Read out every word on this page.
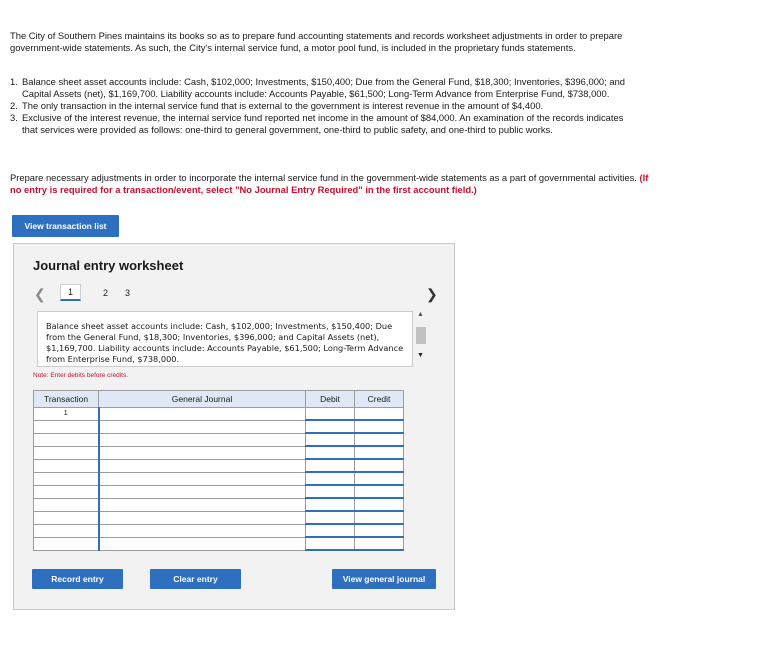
The City of Southern Pines maintains its books so as to prepare fund accounting statements and records worksheet adjustments in order to prepare government-wide statements. As such, the City's internal service fund, a motor pool fund, is included in the proprietary funds statements.

1. Balance sheet asset accounts include: Cash, $102,000; Investments, $150,400; Due from the General Fund, $18,300; Inventories, $396,000; and Capital Assets (net), $1,169,700. Liability accounts include: Accounts Payable, $61,500; Long-Term Advance from Enterprise Fund, $738,000.
2. The only transaction in the internal service fund that is external to the government is interest revenue in the amount of $4,400.
3. Exclusive of the interest revenue, the internal service fund reported net income in the amount of $84,000. An examination of the records indicates that services were provided as follows: one-third to general government, one-third to public safety, and one-third to public works.

Prepare necessary adjustments in order to incorporate the internal service fund in the government-wide statements as a part of governmental activities. (If no entry is required for a transaction/event, select "No Journal Entry Required" in the first account field.)

View transaction list
Journal entry worksheet
❮	1	2 3	❯
Balance sheet asset accounts include: Cash, $102,000; Investments, $150,400; Due from the General Fund, $18,300; Inventories, $396,000; and Capital Assets (net), $1,169,700. Liability accounts include: Accounts Payable, $61,500; Long-Term Advance from Enterprise Fund, $738,000.
▲
▼
Note: Enter debits before credits.
Transaction	General Journal	Debit	Credit
1			

Record entry	Clear entry	View general journal
